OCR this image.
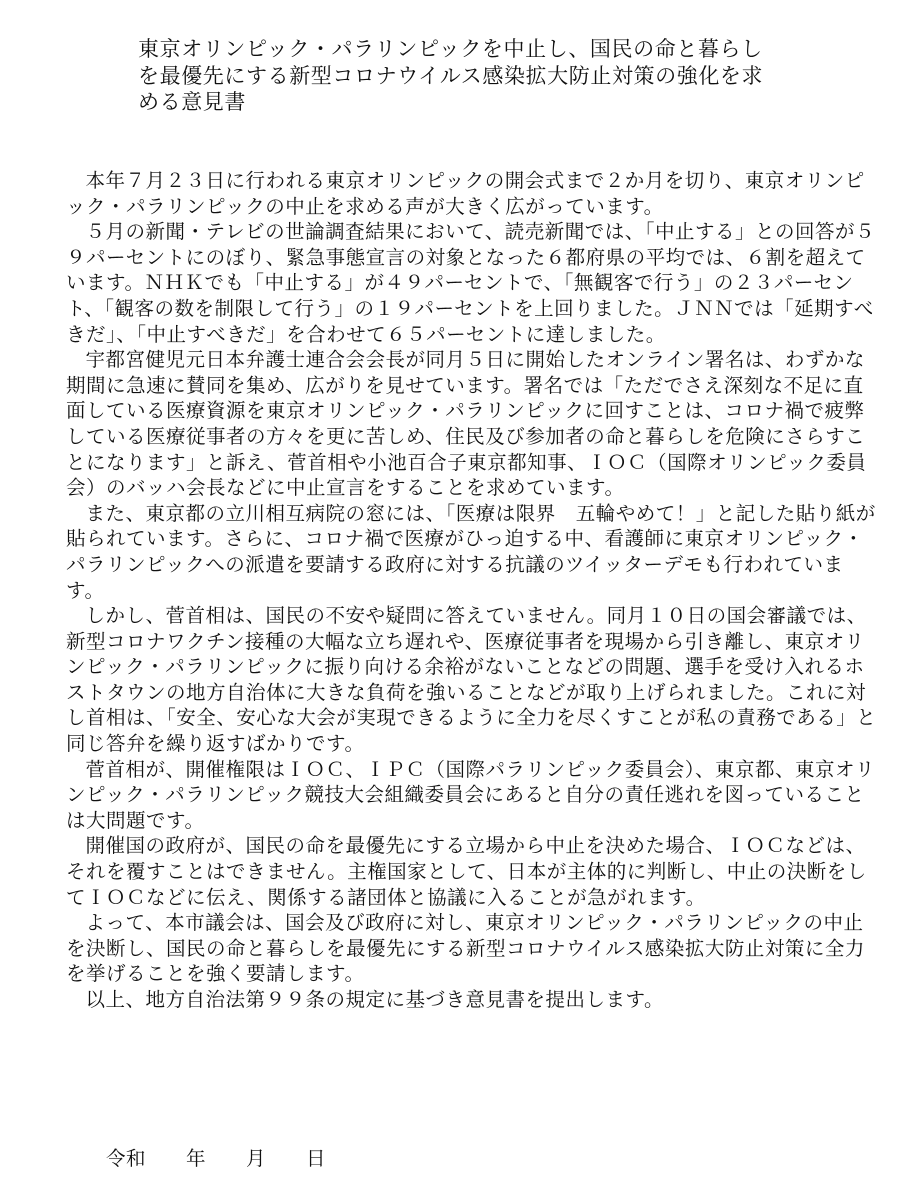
東京オリンピック・パラリンピックを中止し、国民の命と暮らし
を最優先にする新型コロナウイルス感染拡大防止対策の強化を求
める意見書

本年７月２３日に行われる東京オリンピックの開会式まで２か月を切り、東京オリンピック・パラリンピックの中止を求める声が大きく広がっています。

５月の新聞・テレビの世論調査結果において、読売新聞では、「中止する」との回答が５９パーセントにのぼり、緊急事態宣言の対象となった６都府県の平均では、６割を超えています。ＮＨＫでも「中止する」が４９パーセントで、「無観客で行う」の２３パーセント、「観客の数を制限して行う」の１９パーセントを上回りました。ＪＮＮでは「延期すべきだ」、「中止すべきだ」を合わせて６５パーセントに達しました。

宇都宮健児元日本弁護士連合会会長が同月５日に開始したオンライン署名は、わずかな期間に急速に賛同を集め、広がりを見せています。署名では「ただでさえ深刻な不足に直面している医療資源を東京オリンピック・パラリンピックに回すことは、コロナ禍で疲弊している医療従事者の方々を更に苦しめ、住民及び参加者の命と暮らしを危険にさらすことになります」と訴え、菅首相や小池百合子東京都知事、ＩＯＣ（国際オリンピック委員会）のバッハ会長などに中止宣言をすることを求めています。

また、東京都の立川相互病院の窓には、「医療は限界　五輪やめて！」と記した貼り紙が貼られています。さらに、コロナ禍で医療がひっ迫する中、看護師に東京オリンピック・パラリンピックへの派遣を要請する政府に対する抗議のツイッターデモも行われています。

しかし、菅首相は、国民の不安や疑問に答えていません。同月１０日の国会審議では、新型コロナワクチン接種の大幅な立ち遅れや、医療従事者を現場から引き離し、東京オリンピック・パラリンピックに振り向ける余裕がないことなどの問題、選手を受け入れるホストタウンの地方自治体に大きな負荷を強いることなどが取り上げられました。これに対し首相は、「安全、安心な大会が実現できるように全力を尽くすことが私の責務である」と同じ答弁を繰り返すばかりです。

菅首相が、開催権限はＩＯＣ、ＩＰＣ（国際パラリンピック委員会）、東京都、東京オリンピック・パラリンピック競技大会組織委員会にあると自分の責任逃れを図っていることは大問題です。

開催国の政府が、国民の命を最優先にする立場から中止を決めた場合、ＩＯＣなどは、それを覆すことはできません。主権国家として、日本が主体的に判断し、中止の決断をしてＩＯＣなどに伝え、関係する諸団体と協議に入ることが急がれます。

よって、本市議会は、国会及び政府に対し、東京オリンピック・パラリンピックの中止を決断し、国民の命と暮らしを最優先にする新型コロナウイルス感染拡大防止対策に全力を挙げることを強く要請します。

以上、地方自治法第９９条の規定に基づき意見書を提出します。

令和　　年　　月　　日
